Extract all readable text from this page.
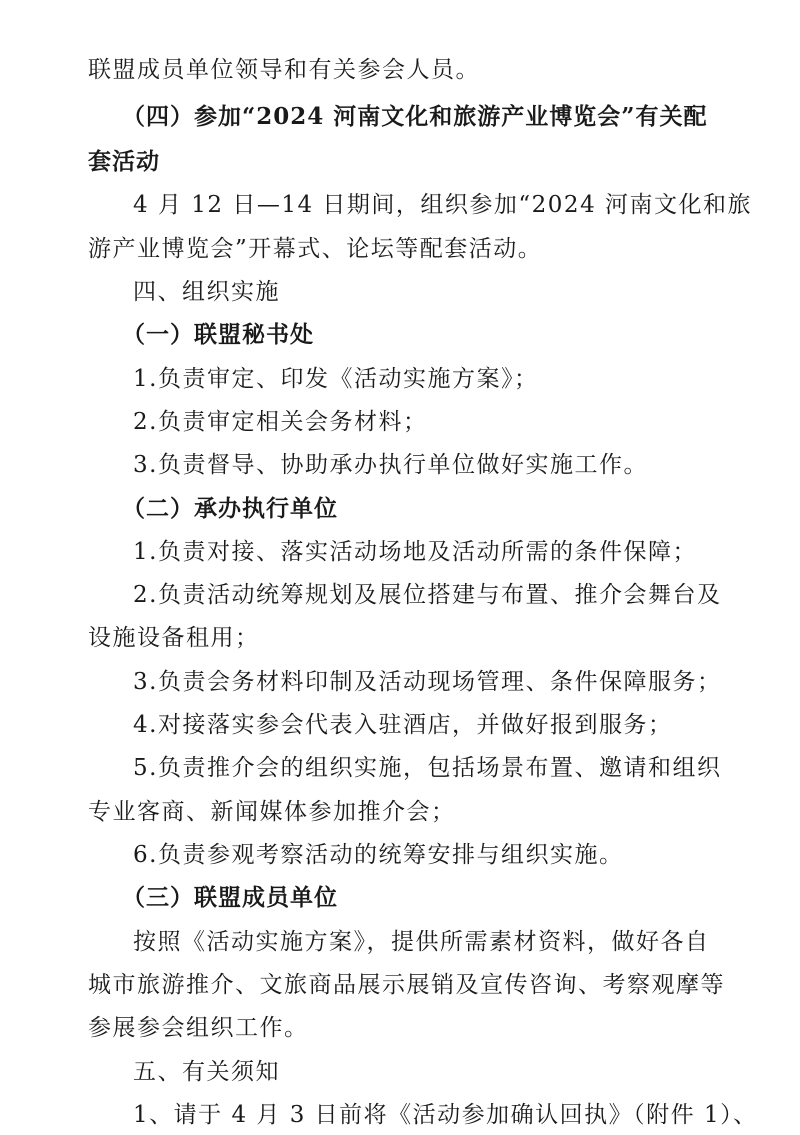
联盟成员单位领导和有关参会人员。
（四）参加“2024 河南文化和旅游产业博览会”有关配
套活动
4 月 12 日—14 日期间，组织参加“2024 河南文化和旅
游产业博览会”开幕式、论坛等配套活动。
四、组织实施
（一）联盟秘书处
1.负责审定、印发《活动实施方案》；
2.负责审定相关会务材料；
3.负责督导、协助承办执行单位做好实施工作。
（二）承办执行单位
1.负责对接、落实活动场地及活动所需的条件保障；
2.负责活动统筹规划及展位搭建与布置、推介会舞台及
设施设备租用；
3.负责会务材料印制及活动现场管理、条件保障服务；
4.对接落实参会代表入驻酒店，并做好报到服务；
5.负责推介会的组织实施，包括场景布置、邀请和组织
专业客商、新闻媒体参加推介会；
6.负责参观考察活动的统筹安排与组织实施。
（三）联盟成员单位
按照《活动实施方案》，提供所需素材资料，做好各自
城市旅游推介、文旅商品展示展销及宣传咨询、考察观摩等
参展参会组织工作。
五、有关须知
1、请于 4 月 3 日前将《活动参加确认回执》（附件 1）、
